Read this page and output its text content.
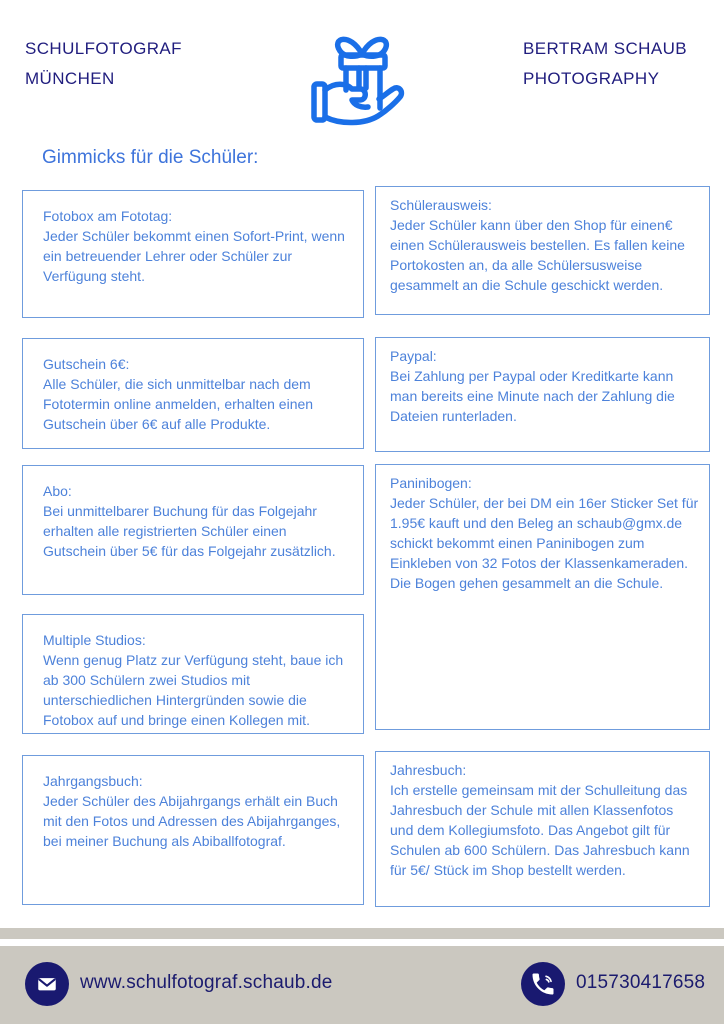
SCHULFOTOGRAF
MÜNCHEN
BERTRAM SCHAUB
PHOTOGRAPHY
Gimmicks für die Schüler:
Fotobox am Fototag:
Jeder Schüler bekommt einen Sofort-Print, wenn ein betreuender Lehrer oder Schüler zur Verfügung steht.
Gutschein 6€:
Alle Schüler, die sich unmittelbar nach dem Fototermin online anmelden, erhalten einen Gutschein über 6€ auf alle Produkte.
Abo:
Bei unmittelbarer Buchung für das Folgejahr erhalten alle registrierten Schüler einen Gutschein über 5€ für das Folgejahr zusätzlich.
Multiple Studios:
Wenn genug Platz zur Verfügung steht, baue ich ab 300 Schülern zwei Studios mit unterschiedlichen Hintergründen sowie die Fotobox auf und bringe einen Kollegen mit.
Jahrgangsbuch:
Jeder Schüler des Abijahrgangs erhält ein Buch mit den Fotos und Adressen des Abijahrganges, bei meiner Buchung als Abiballfotograf.
Schülerausweis:
Jeder Schüler kann über den Shop für einen€ einen Schülerausweis bestellen. Es fallen keine Portokosten an, da alle Schülersusweise gesammelt an die Schule geschickt werden.
Paypal:
Bei Zahlung per Paypal oder Kreditkarte kann man bereits eine Minute nach der Zahlung die Dateien runterladen.
Paninibogen:
Jeder Schüler, der bei DM ein 16er Sticker Set für 1.95€ kauft und den Beleg an schaub@gmx.de schickt bekommt einen Paninibogen zum Einkleben von 32 Fotos der Klassenkameraden. Die Bogen gehen gesammelt an die Schule.
Jahresbuch:
Ich erstelle gemeinsam mit der Schulleitung das Jahresbuch der Schule mit allen Klassenfotos und dem Kollegiumsfoto. Das Angebot gilt für Schulen ab 600 Schülern. Das Jahresbuch kann für 5€/ Stück im Shop bestellt werden.
www.schulfotograf.schaub.de	015730417658
